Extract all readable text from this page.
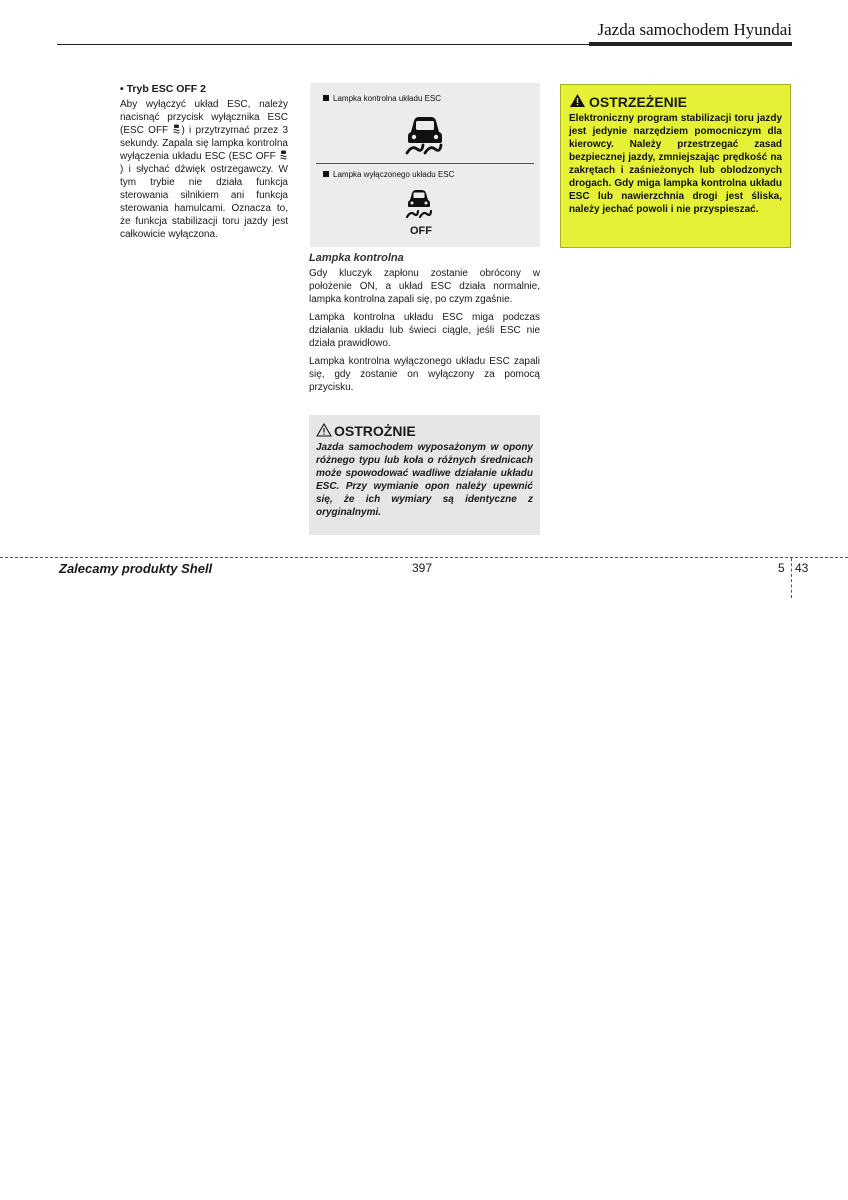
Jazda samochodem Hyundai
• Tryb ESC OFF 2

Aby wyłączyć układ ESC, należy nacisnąć przycisk wyłącznika ESC (ESC OFF ) i przytrzymać przez 3 sekundy. Zapala się lampka kontrolna wyłączenia układu ESC (ESC OFF ) i słychać dźwięk ostrzegawczy. W tym trybie nie działa funkcja sterowania silnikiem ani funkcja sterowania hamulcami. Oznacza to, że funkcja stabilizacji toru jazdy jest całkowicie wyłączona.

Lampka kontrolna układu ESC
Lampka wyłączonego układu ESC
OFF
Lampka kontrolna

Gdy kluczyk zapłonu zostanie obrócony w położenie ON, a układ ESC działa normalnie, lampka kontrolna zapali się, po czym zgaśnie.

Lampka kontrolna układu ESC miga podczas działania układu lub świeci ciągle, jeśli ESC nie działa prawidłowo.

Lampka kontrolna wyłączonego układu ESC zapali się, gdy zostanie on wyłączony za pomocą przycisku.

OSTROŻNIE
Jazda samochodem wyposażonym w opony różnego typu lub koła o różnych średnicach może spowodować wadliwe działanie układu ESC. Przy wymianie opon należy upewnić się, że ich wymiary są identyczne z oryginalnymi.
OSTRZEŻENIE
Elektroniczny program stabilizacji toru jazdy jest jedynie narzędziem pomocniczym dla kierowcy. Należy przestrzegać zasad bezpiecznej jazdy, zmniejszając prędkość na zakrętach i zaśnieżonych lub oblodzonych drogach. Gdy miga lampka kontrolna układu ESC lub nawierzchnia drogi jest śliska, należy jechać powoli i nie przyspieszać.
Zalecamy produkty Shell	397	5 43
